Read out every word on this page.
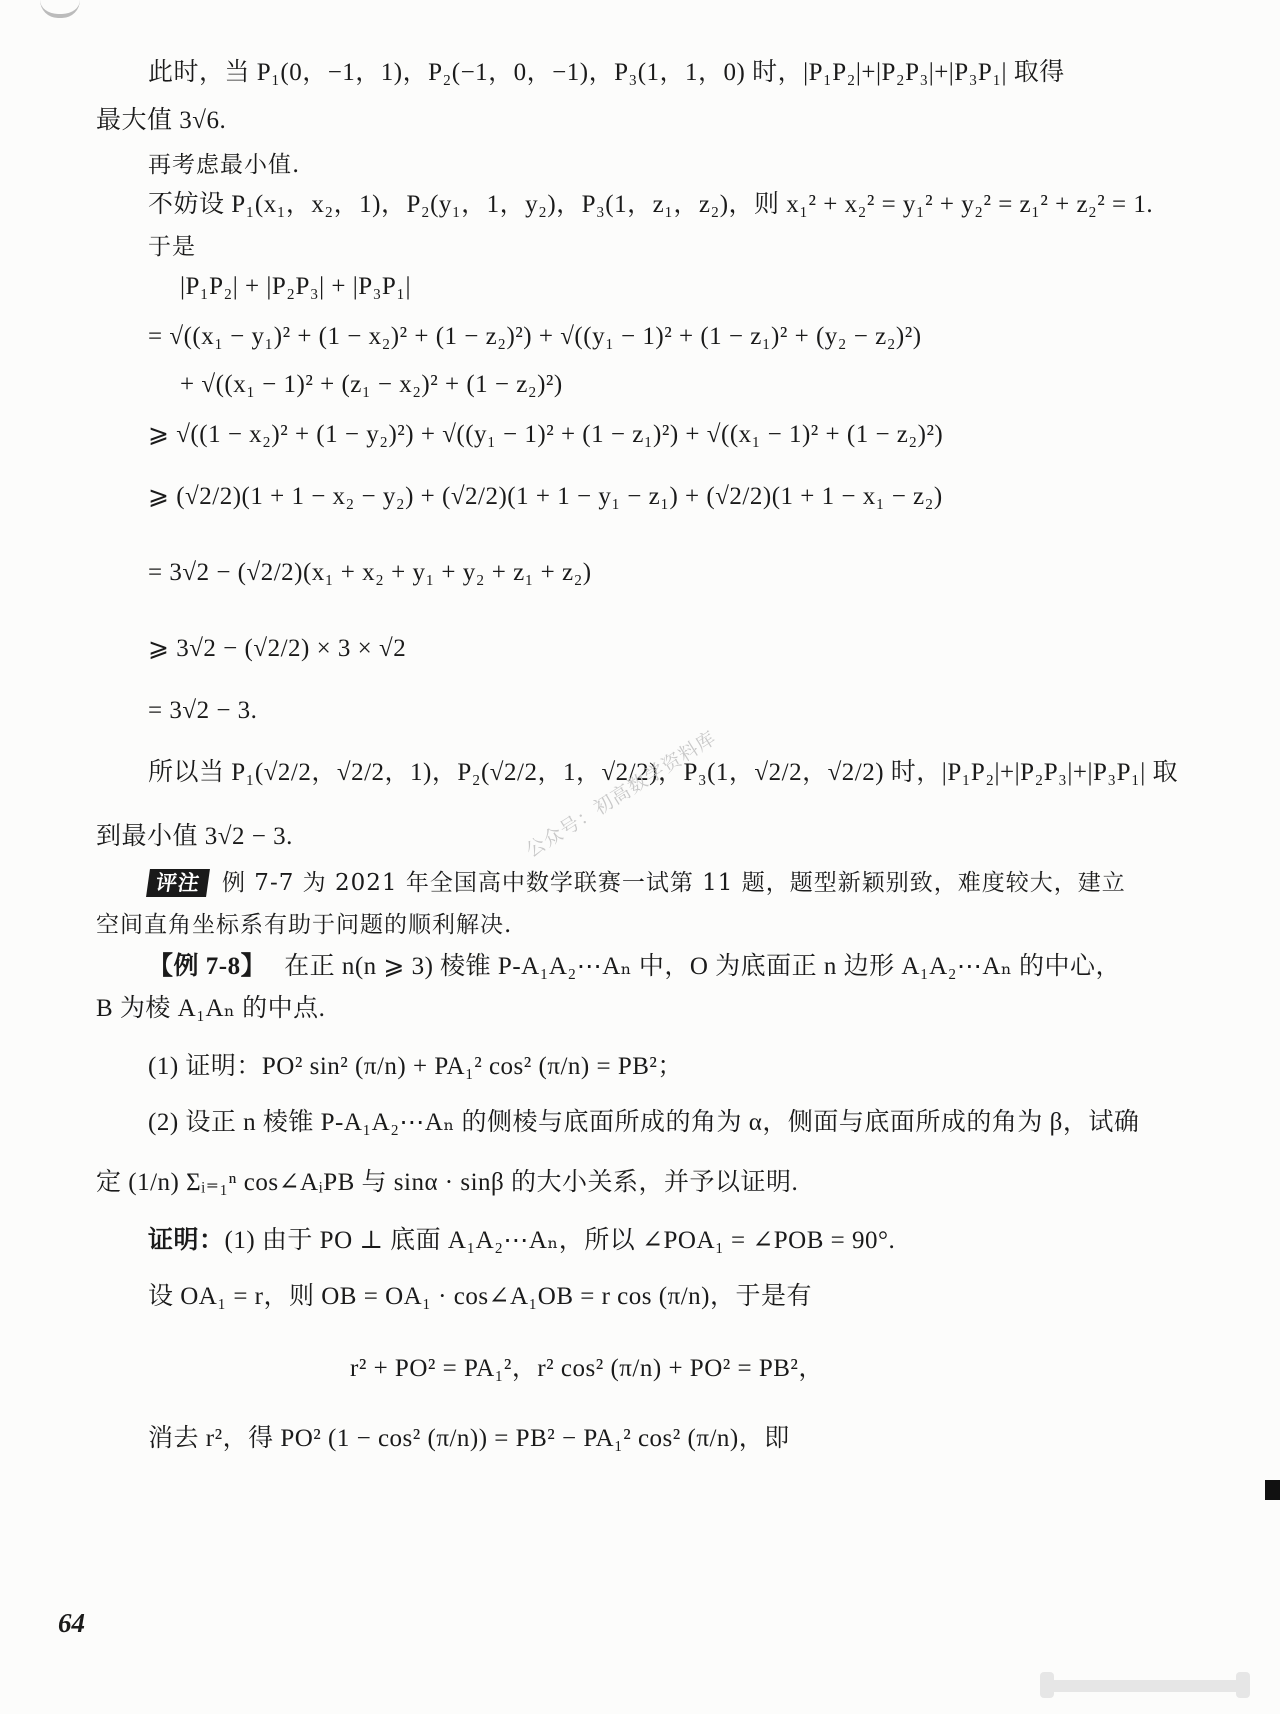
此时，当 P₁(0，−1，1)，P₂(−1，0，−1)，P₃(1，1，0) 时，|P₁P₂|+|P₂P₃|+|P₃P₁| 取得
最大值 3√6.
再考虑最小值.
不妨设 P₁(x₁，x₂，1)，P₂(y₁，1，y₂)，P₃(1，z₁，z₂)，则 x₁² + x₂² = y₁² + y₂² = z₁² + z₂² = 1.
于是
|P₁P₂| + |P₂P₃| + |P₃P₁|
= √((x₁ − y₁)² + (1 − x₂)² + (1 − z₂)²) + √((y₁ − 1)² + (1 − z₁)² + (y₂ − z₂)²)
+ √((x₁ − 1)² + (z₁ − x₂)² + (1 − z₂)²)
⩾ √((1 − x₂)² + (1 − y₂)²) + √((y₁ − 1)² + (1 − z₁)²) + √((x₁ − 1)² + (1 − z₂)²)
⩾ (√2/2)(1 + 1 − x₂ − y₂) + (√2/2)(1 + 1 − y₁ − z₁) + (√2/2)(1 + 1 − x₁ − z₂)
= 3√2 − (√2/2)(x₁ + x₂ + y₁ + y₂ + z₁ + z₂)
⩾ 3√2 − (√2/2) × 3 × √2
= 3√2 − 3.
所以当 P₁(√2/2，√2/2，1)，P₂(√2/2，1，√2/2)，P₃(1，√2/2，√2/2) 时，|P₁P₂|+|P₂P₃|+|P₃P₁| 取
到最小值 3√2 − 3.
评注 例 7-7 为 2021 年全国高中数学联赛一试第 11 题，题型新颖别致，难度较大，建立
空间直角坐标系有助于问题的顺利解决.
【例 7-8】 在正 n(n ⩾ 3) 棱锥 P-A₁A₂⋯Aₙ 中，O 为底面正 n 边形 A₁A₂⋯Aₙ 的中心，
B 为棱 A₁Aₙ 的中点.
(1) 证明：PO² sin² (π/n) + PA₁² cos² (π/n) = PB²；
(2) 设正 n 棱锥 P-A₁A₂⋯Aₙ 的侧棱与底面所成的角为 α，侧面与底面所成的角为 β，试确
定 (1/n) Σᵢ₌₁ⁿ cos∠AᵢPB 与 sinα · sinβ 的大小关系，并予以证明.
证明：(1) 由于 PO ⊥ 底面 A₁A₂⋯Aₙ，所以 ∠POA₁ = ∠POB = 90°.
设 OA₁ = r，则 OB = OA₁ · cos∠A₁OB = r cos (π/n)，于是有
r² + PO² = PA₁²，r² cos² (π/n) + PO² = PB²，
消去 r²，得 PO² (1 − cos² (π/n)) = PB² − PA₁² cos² (π/n)，即
公众号：初高数学资料库
64
